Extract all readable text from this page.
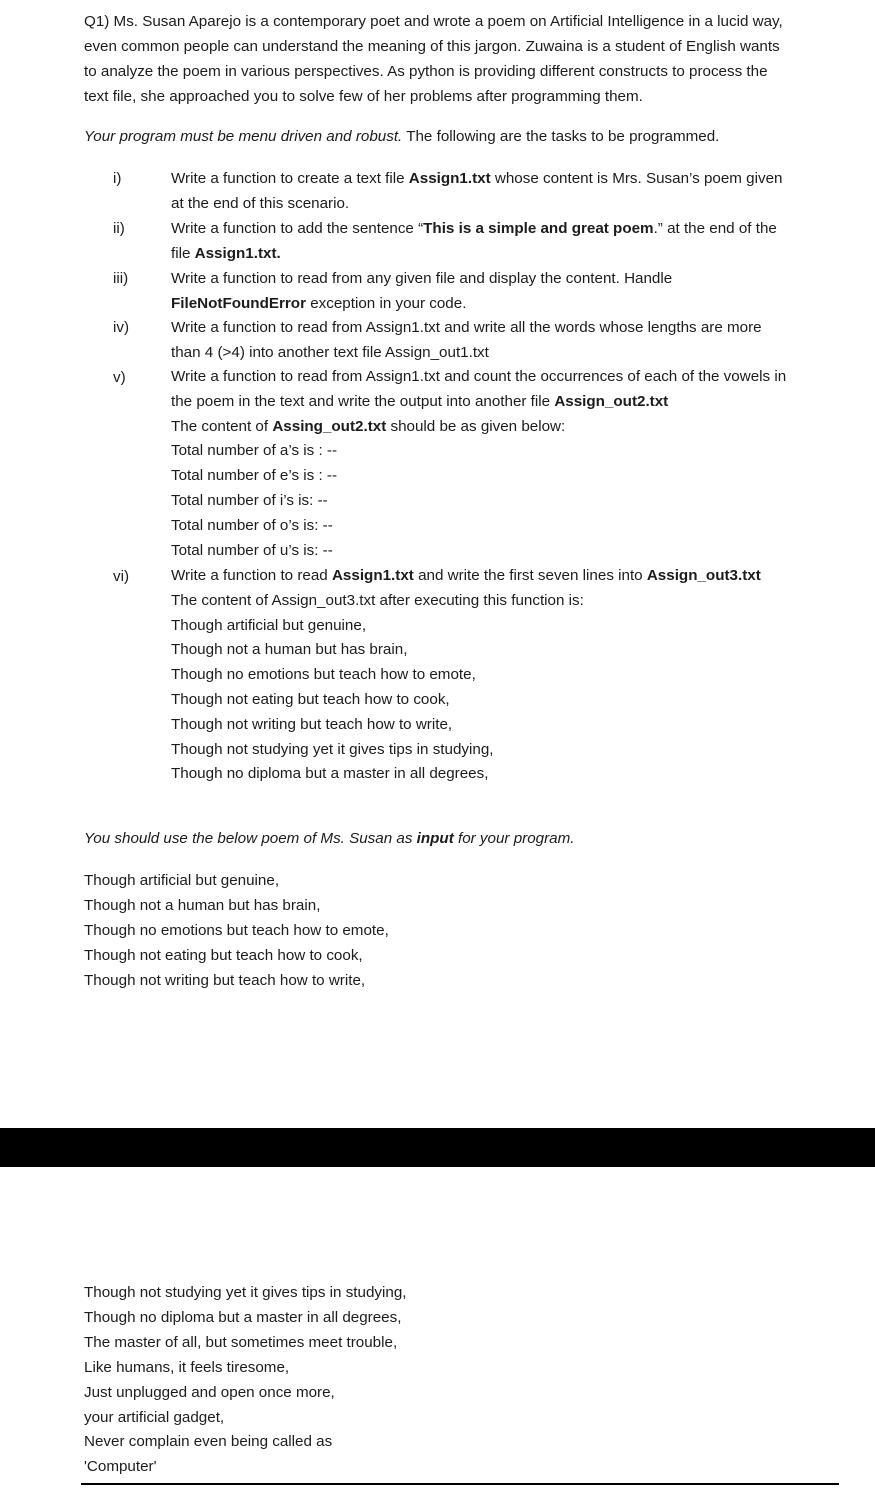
Q1) Ms. Susan Aparejo is a contemporary poet and wrote a poem on Artificial Intelligence in a lucid way,
even common people can understand the meaning of this jargon. Zuwaina is a student of English wants
to analyze the poem in various perspectives. As python is providing different constructs to process the
text file, she approached you to solve few of her problems after programming them.
Your program must be menu driven and robust. The following are the tasks to be programmed.
i)	Write a function to create a text file Assign1.txt whose content is Mrs. Susan’s poem given
at the end of this scenario.
ii)	Write a function to add the sentence “This is a simple and great poem.” at the end of the
file Assign1.txt.
iii)	Write a function to read from any given file and display the content. Handle
FileNotFoundError exception in your code.
iv)	Write a function to read from Assign1.txt and write all the words whose lengths are more
than 4 (>4) into another text file Assign_out1.txt
v)	Write a function to read from Assign1.txt and count the occurrences of each of the vowels in
the poem in the text and write the output into another file Assign_out2.txt
The content of Assing_out2.txt should be as given below:
Total number of a’s is : --
Total number of e’s is : --
Total number of i’s is: --
Total number of o’s is: --
Total number of u’s is: --
vi)	Write a function to read Assign1.txt and write the first seven lines into Assign_out3.txt
The content of Assign_out3.txt after executing this function is:
Though artificial but genuine,
Though not a human but has brain,
Though no emotions but teach how to emote,
Though not eating but teach how to cook,
Though not writing but teach how to write,
Though not studying yet it gives tips in studying,
Though no diploma but a master in all degrees,
You should use the below poem of Ms. Susan as input for your program.
Though artificial but genuine,
Though not a human but has brain,
Though no emotions but teach how to emote,
Though not eating but teach how to cook,
Though not writing but teach how to write,
Though not studying yet it gives tips in studying,
Though no diploma but a master in all degrees,
The master of all, but sometimes meet trouble,
Like humans, it feels tiresome,
Just unplugged and open once more,
your artificial gadget,
Never complain even being called as
'Computer'
